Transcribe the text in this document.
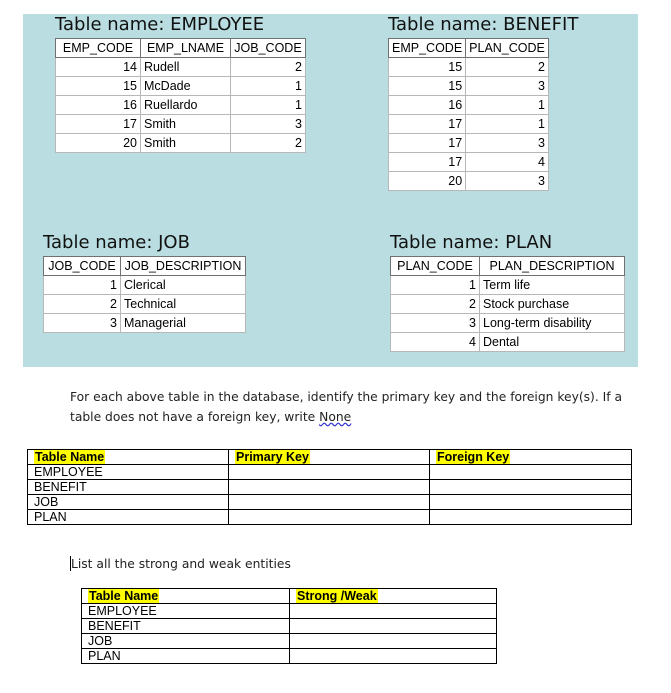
Table name: EMPLOYEE
EMP_CODE	EMP_LNAME	JOB_CODE
14	Rudell	2
15	McDade	1
16	Ruellardo	1
17	Smith	3
20	Smith	2
Table name: BENEFIT
EMP_CODE	PLAN_CODE
15	2
15	3
16	1
17	1
17	3
17	4
20	3
Table name: JOB
JOB_CODE	JOB_DESCRIPTION
1	Clerical
2	Technical
3	Managerial
Table name: PLAN
PLAN_CODE	PLAN_DESCRIPTION
1	Term life
2	Stock purchase
3	Long-term disability
4	Dental
For each above table in the database, identify the primary key and the foreign key(s). If a table does not have a foreign key, write None
Table Name	Primary Key	Foreign Key
EMPLOYEE		
BENEFIT		
JOB		
PLAN		
List all the strong and weak entities
Table Name	Strong /Weak
EMPLOYEE	
BENEFIT	
JOB	
PLAN	
